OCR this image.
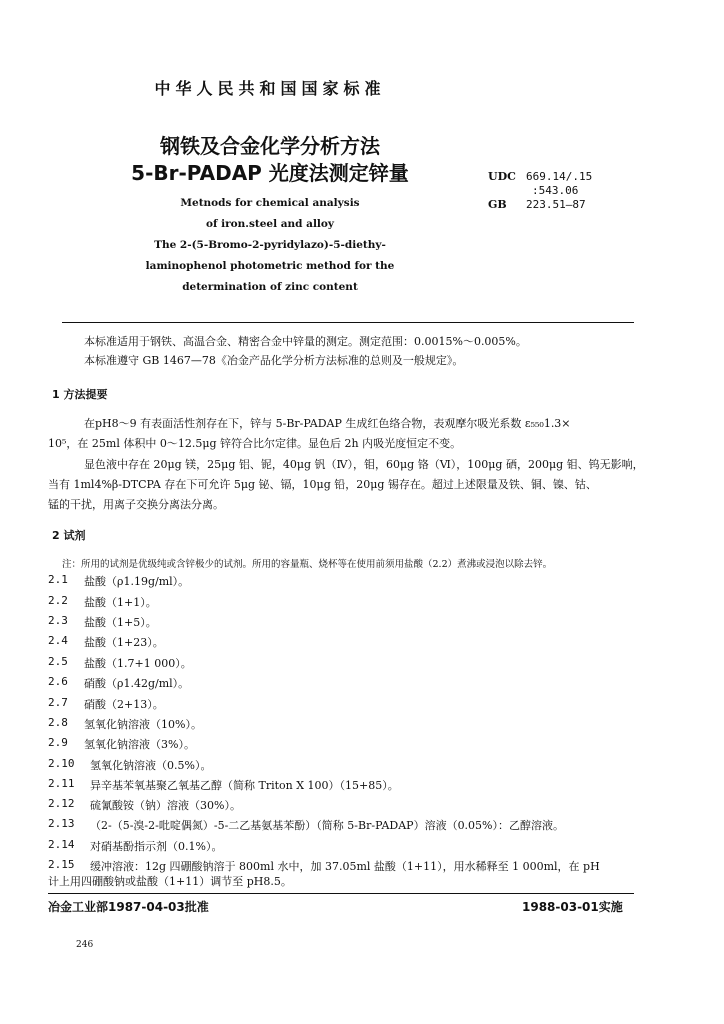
中华人民共和国国家标准
钢铁及合金化学分析方法
5-Br-PADAP 光度法测定锌量
Metnods for chemical analysis
of iron.steel and alloy
The 2-(5-Bromo-2-pyridylazo)-5-diethy-
laminophenol photometric method for the
determination of zinc content
UDC 669.14/.15
:543.06
GB 223.51—87
本标准适用于钢铁、高温合金、精密合金中锌量的测定。测定范围：0.0015%～0.005%。
本标准遵守 GB 1467—78《冶金产品化学分析方法标准的总则及一般规定》。
1 方法提要
在pH8～9 有表面活性剂存在下，锌与 5-Br-PADAP 生成红色络合物，表观摩尔吸光系数 ε₅₅₀1.3×
10⁵，在 25ml 体积中 0～12.5μg 锌符合比尔定律。显色后 2h 内吸光度恒定不变。
显色液中存在 20μg 镁，25μg 铝、铌，40μg 钒（Ⅳ），钼，60μg 铬（Ⅵ），100μg 硒，200μg 钼、钨无影响，
当有 1ml4%β-DTCPA 存在下可允许 5μg 铋、镉，10μg 铅，20μg 锡存在。超过上述限量及铁、铜、镍、钴、
锰的干扰，用离子交换分离法分离。
2 试剂
注：所用的试剂是优级纯或含锌极少的试剂。所用的容量瓶、烧杯等在使用前须用盐酸（2.2）煮沸或浸泡以除去锌。
2.1 盐酸（ρ1.19g/ml）。
2.2 盐酸（1+1）。
2.3 盐酸（1+5）。
2.4 盐酸（1+23）。
2.5 盐酸（1.7+1 000）。
2.6 硝酸（ρ1.42g/ml）。
2.7 硝酸（2+13）。
2.8 氢氧化钠溶液（10%）。
2.9 氢氧化钠溶液（3%）。
2.10 氢氧化钠溶液（0.5%）。
2.11 异辛基苯氧基聚乙氧基乙醇（简称 Triton X 100）（15+85）。
2.12 硫氰酸铵（钠）溶液（30%）。
2.13 （2-（5-溴-2-吡啶偶氮）-5-二乙基氨基苯酚）（简称 5-Br-PADAP）溶液（0.05%）：乙醇溶液。
2.14 对硝基酚指示剂（0.1%）。
2.15 缓冲溶液：12g 四硼酸钠溶于 800ml 水中，加 37.05ml 盐酸（1+11），用水稀释至 1 000ml，在 pH
计上用四硼酸钠或盐酸（1+11）调节至 pH8.5。
冶金工业部1987-04-03批准	1988-03-01实施
246
